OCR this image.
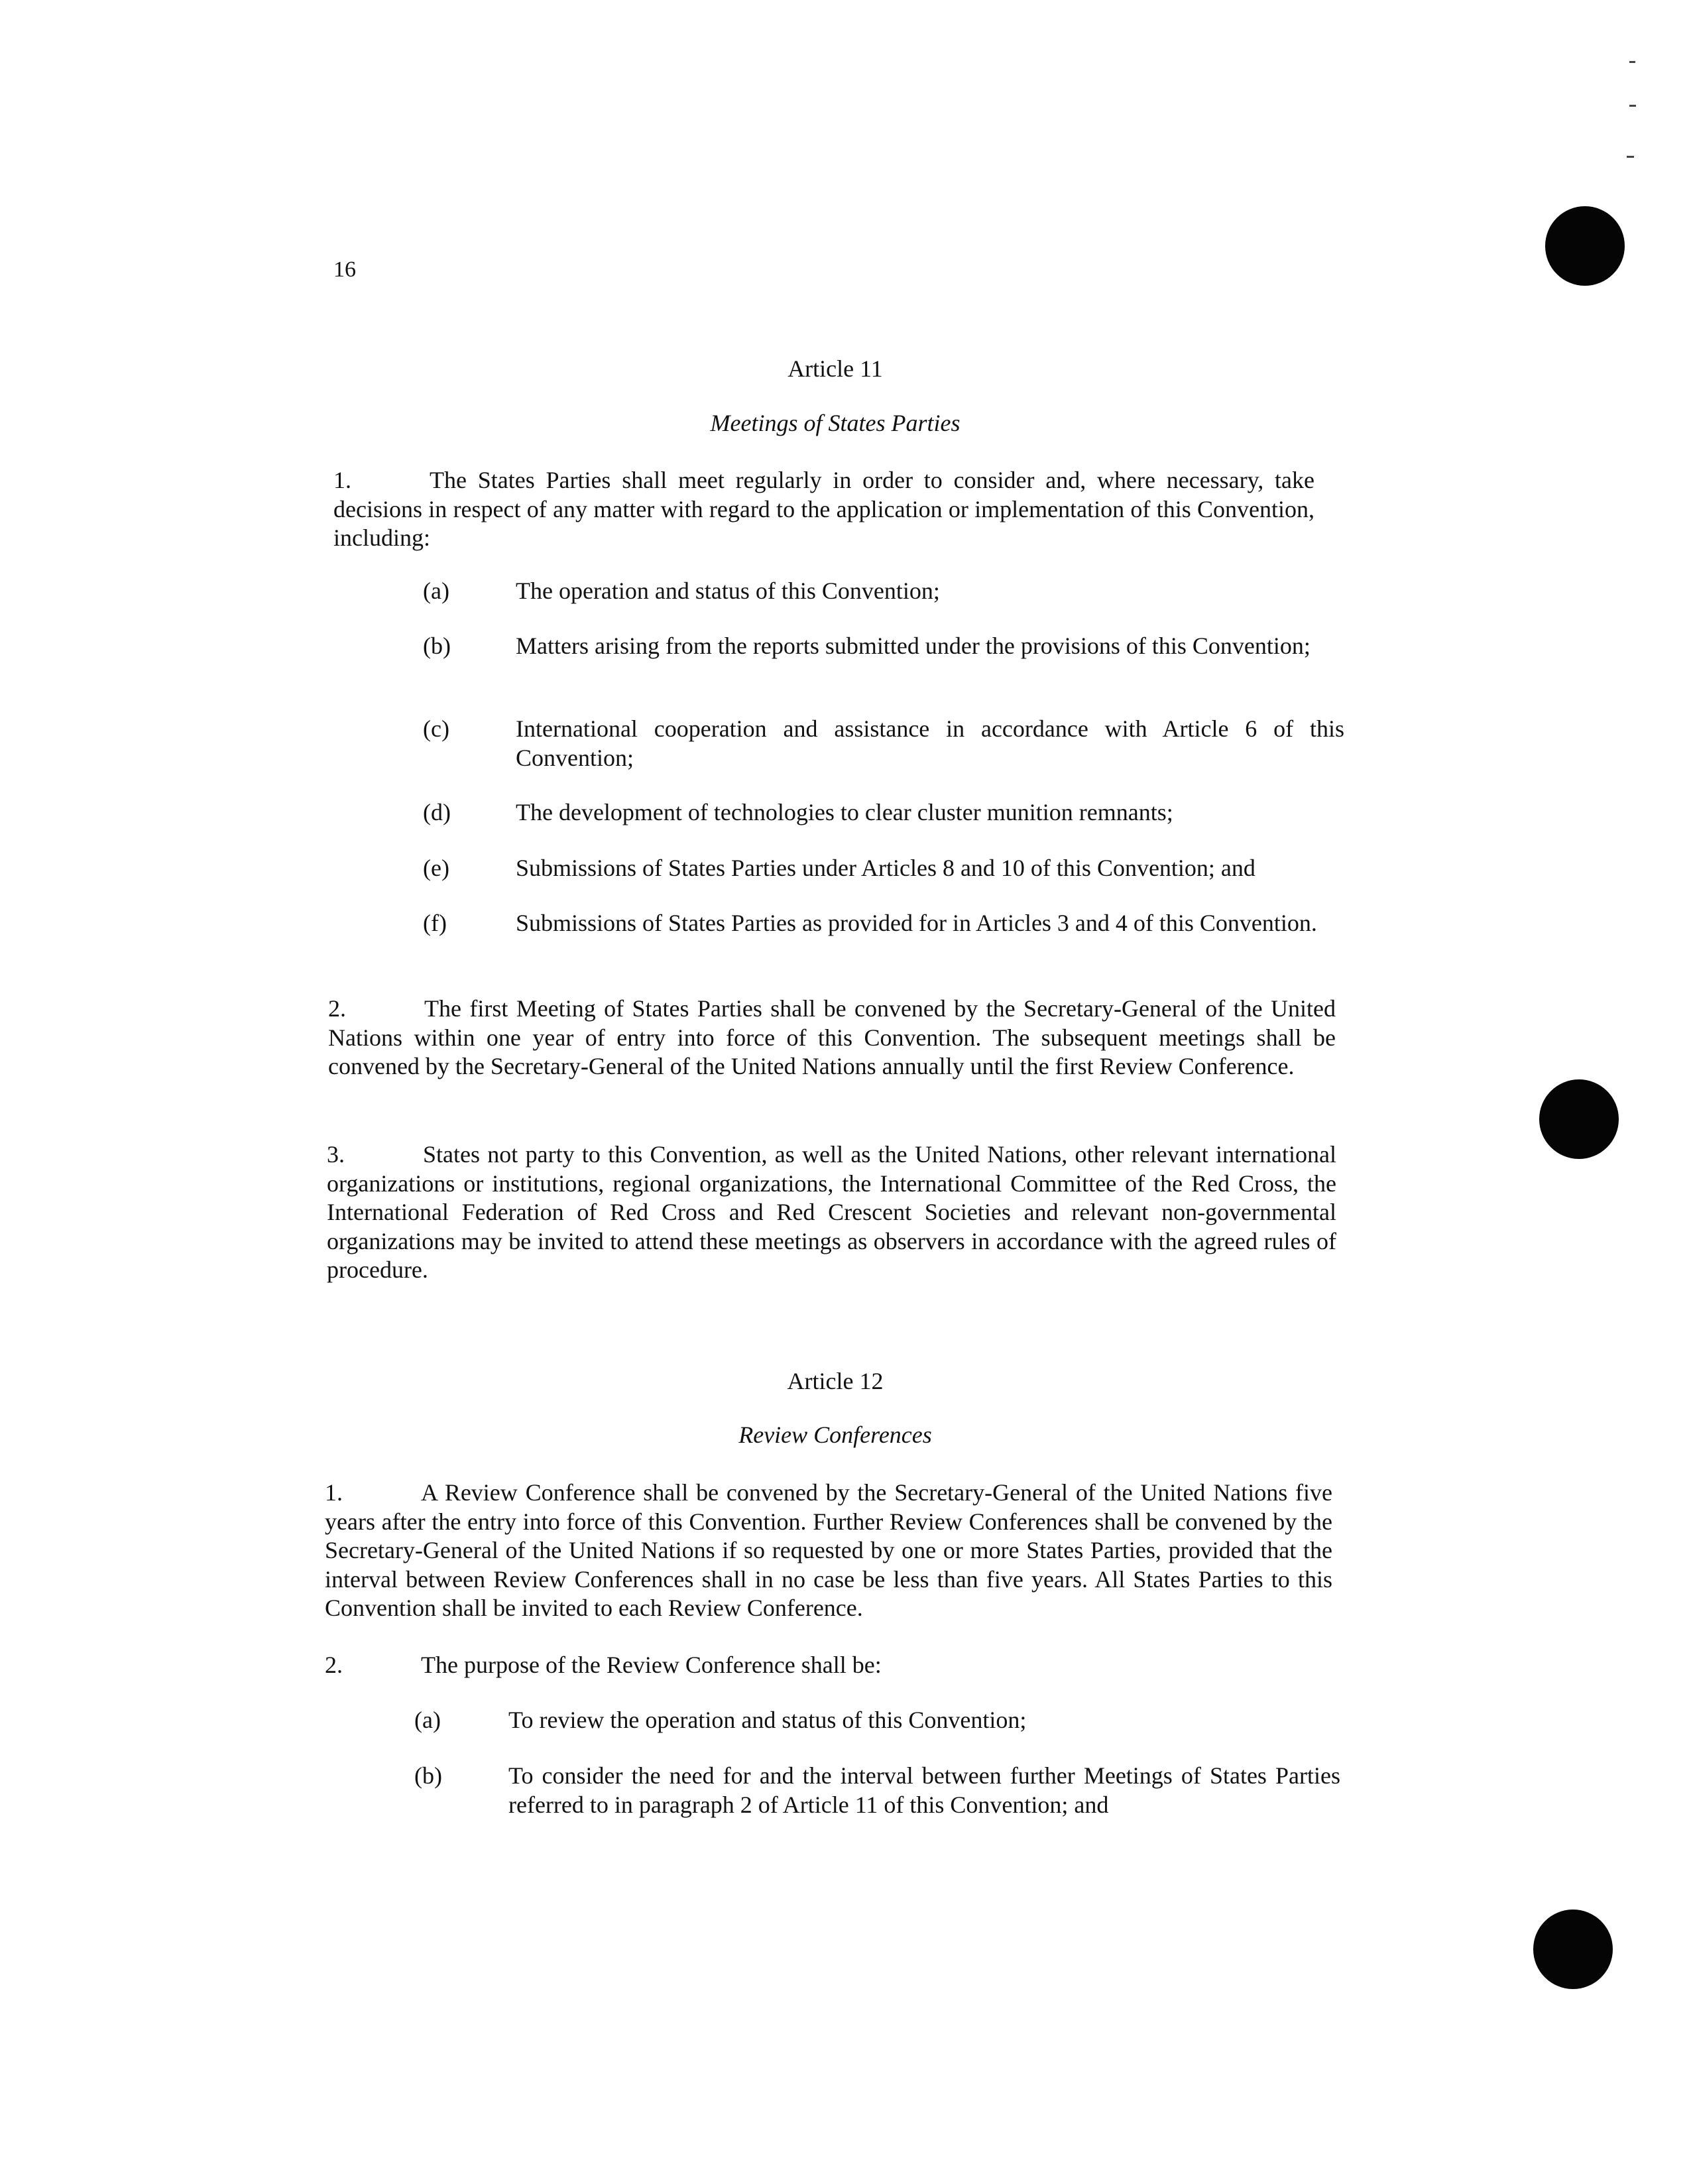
16
Article 11
Meetings of States Parties

1.	The States Parties shall meet regularly in order to consider and, where necessary, take decisions in respect of any matter with regard to the application or implementation of this Convention, including:

(a)	The operation and status of this Convention;
(b)	Matters arising from the reports submitted under the provisions of this Convention;
(c)	International cooperation and assistance in accordance with Article 6 of this Convention;
(d)	The development of technologies to clear cluster munition remnants;
(e)	Submissions of States Parties under Articles 8 and 10 of this Convention; and
(f)	Submissions of States Parties as provided for in Articles 3 and 4 of this Convention.

2.	The first Meeting of States Parties shall be convened by the Secretary-General of the United Nations within one year of entry into force of this Convention. The subsequent meetings shall be convened by the Secretary-General of the United Nations annually until the first Review Conference.

3.	States not party to this Convention, as well as the United Nations, other relevant international organizations or institutions, regional organizations, the International Committee of the Red Cross, the International Federation of Red Cross and Red Crescent Societies and relevant non-governmental organizations may be invited to attend these meetings as observers in accordance with the agreed rules of procedure.

Article 12
Review Conferences

1.	A Review Conference shall be convened by the Secretary-General of the United Nations five years after the entry into force of this Convention. Further Review Conferences shall be convened by the Secretary-General of the United Nations if so requested by one or more States Parties, provided that the interval between Review Conferences shall in no case be less than five years. All States Parties to this Convention shall be invited to each Review Conference.

2.	The purpose of the Review Conference shall be:

(a)	To review the operation and status of this Convention;
(b)	To consider the need for and the interval between further Meetings of States Parties referred to in paragraph 2 of Article 11 of this Convention; and
